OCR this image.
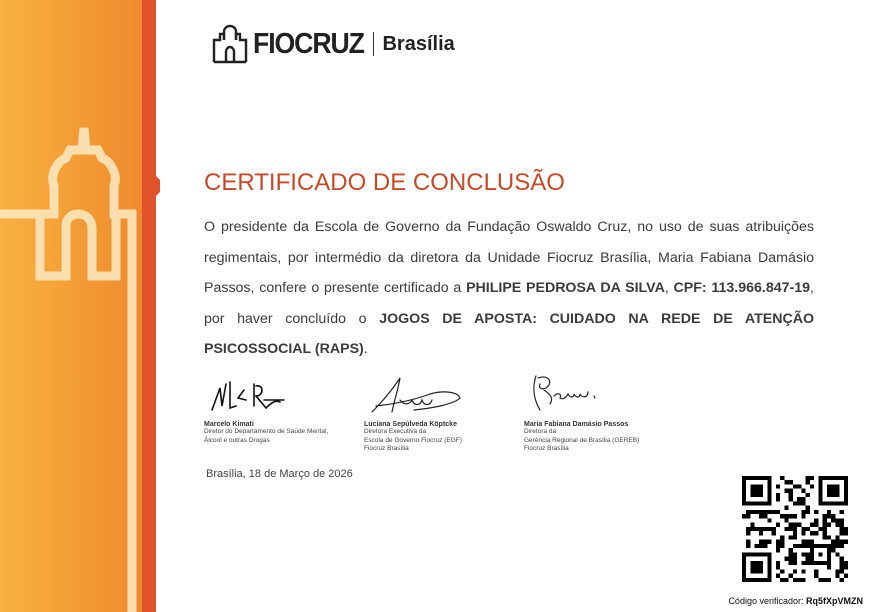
FIOCRUZ Brasília
CERTIFICADO DE CONCLUSÃO
O presidente da Escola de Governo da Fundação Oswaldo Cruz, no uso de suas atribuições regimentais, por intermédio da diretora da Unidade Fiocruz Brasília, Maria Fabiana Damásio Passos, confere o presente certificado a PHILIPE PEDROSA DA SILVA, CPF: 113.966.847-19, por haver concluído o JOGOS DE APOSTA: CUIDADO NA REDE DE ATENÇÃO PSICOSSOCIAL (RAPS).
Marcelo Kimati
Diretor do Departamento de Saúde Mental,
Álcool e outras Drogas
Luciana Sepúlveda Köptcke
Diretora Executiva da
Escola de Governo Fiocruz (EGF)
Fiocruz Brasília
Maria Fabiana Damásio Passos
Diretora da
Gerência Regional de Brasília (GEREB)
Fiocruz Brasília
Brasília, 18 de Março de 2026
Código verificador: Rq5fXpVMZN
